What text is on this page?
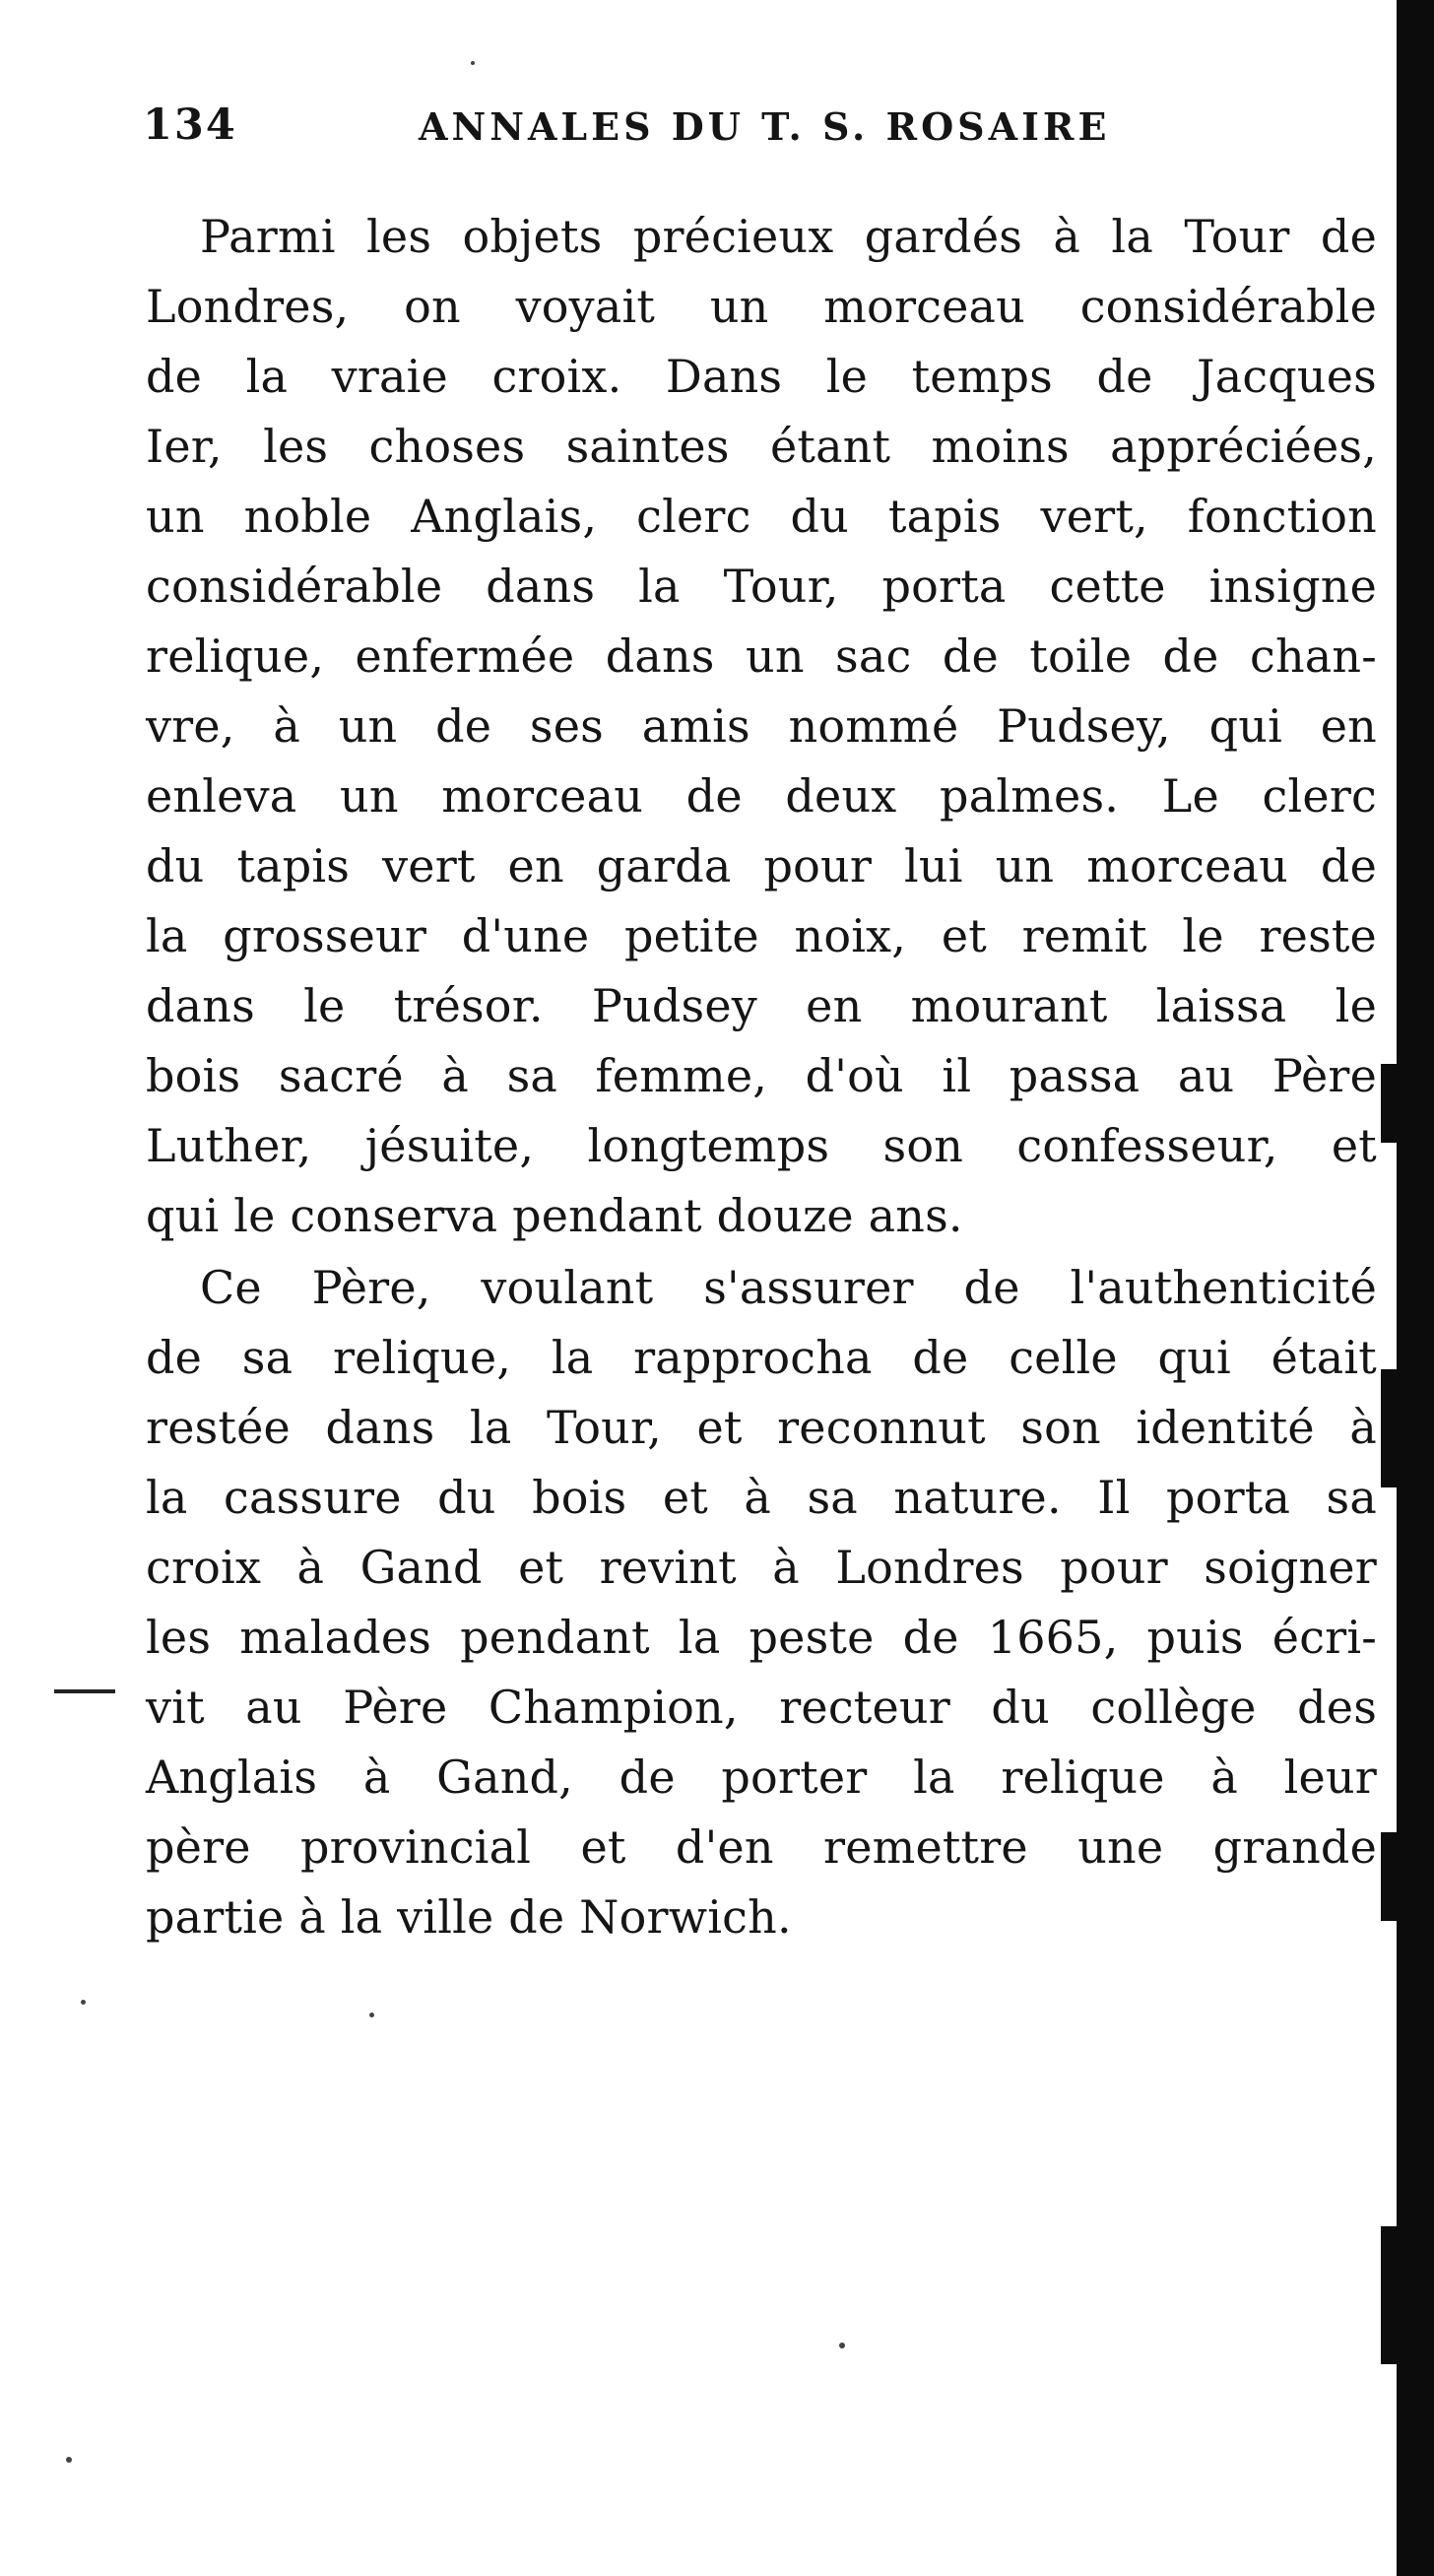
134	ANNALES DU T. S. ROSAIRE
Parmi les objets précieux gardés à la Tour de
Londres, on voyait un morceau considérable
de la vraie croix. Dans le temps de Jacques
Ier, les choses saintes étant moins appréciées,
un noble Anglais, clerc du tapis vert, fonction
considérable dans la Tour, porta cette insigne
relique, enfermée dans un sac de toile de chan-
vre, à un de ses amis nommé Pudsey, qui en
enleva un morceau de deux palmes. Le clerc
du tapis vert en garda pour lui un morceau de
la grosseur d'une petite noix, et remit le reste
dans le trésor. Pudsey en mourant laissa le
bois sacré à sa femme, d'où il passa au Père
Luther, jésuite, longtemps son confesseur, et
qui le conserva pendant douze ans.
Ce Père, voulant s'assurer de l'authenticité
de sa relique, la rapprocha de celle qui était
restée dans la Tour, et reconnut son identité à
la cassure du bois et à sa nature. Il porta sa
croix à Gand et revint à Londres pour soigner
les malades pendant la peste de 1665, puis écri-
vit au Père Champion, recteur du collège des
Anglais à Gand, de porter la relique à leur
père provincial et d'en remettre une grande
partie à la ville de Norwich.
